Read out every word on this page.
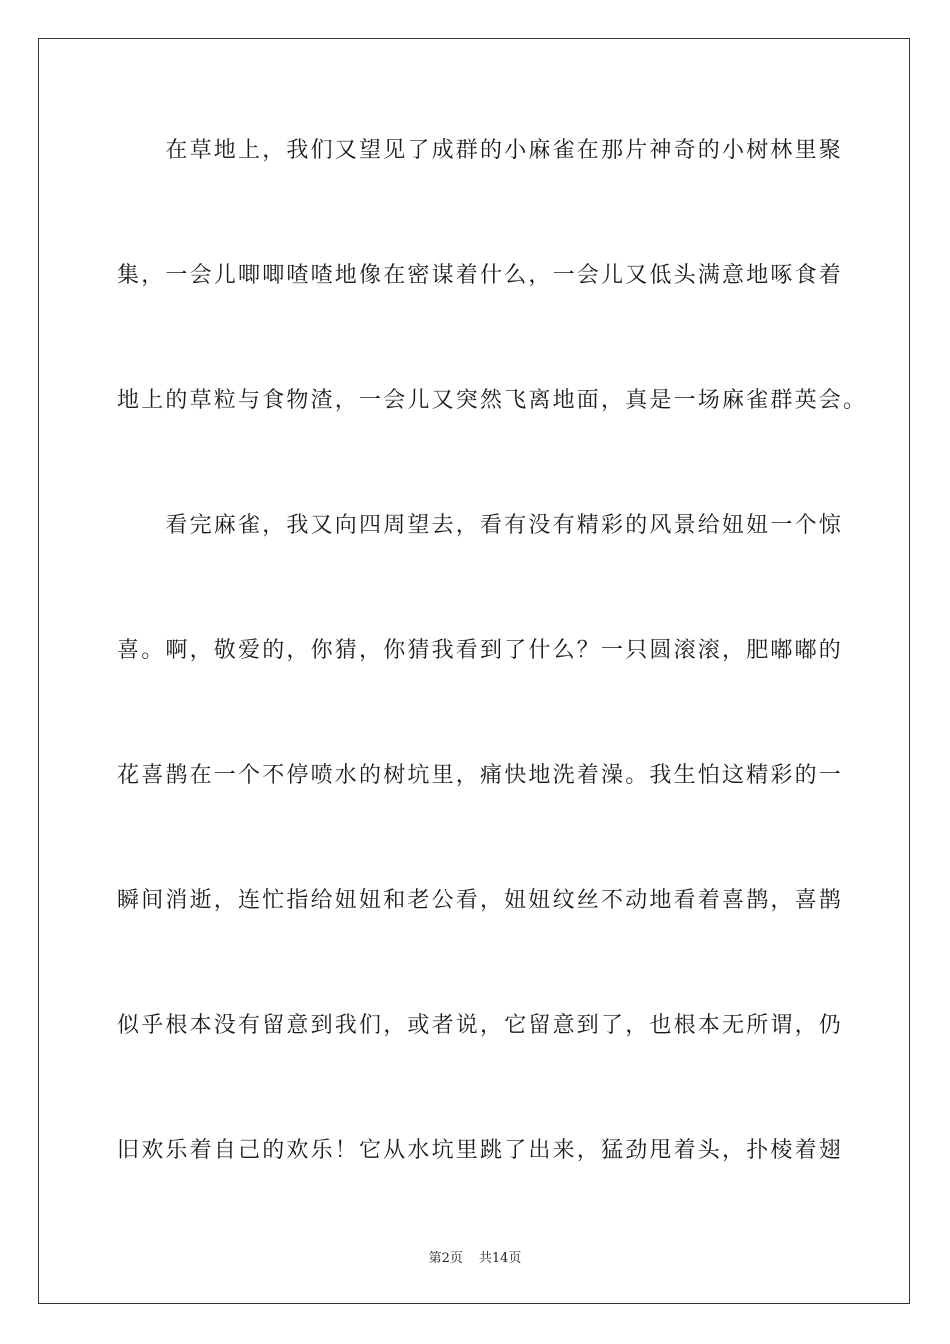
　　在草地上，我们又望见了成群的小麻雀在那片神奇的小树林里聚
集，一会儿唧唧喳喳地像在密谋着什么，一会儿又低头满意地啄食着
地上的草粒与食物渣，一会儿又突然飞离地面，真是一场麻雀群英会。
　　看完麻雀，我又向四周望去，看有没有精彩的风景给妞妞一个惊
喜。啊，敬爱的，你猜，你猜我看到了什么？一只圆滚滚，肥嘟嘟的
花喜鹊在一个不停喷水的树坑里，痛快地洗着澡。我生怕这精彩的一
瞬间消逝，连忙指给妞妞和老公看，妞妞纹丝不动地看着喜鹊，喜鹊
似乎根本没有留意到我们，或者说，它留意到了，也根本无所谓，仍
旧欢乐着自己的欢乐！它从水坑里跳了出来，猛劲甩着头，扑棱着翅
第2页 共14页
